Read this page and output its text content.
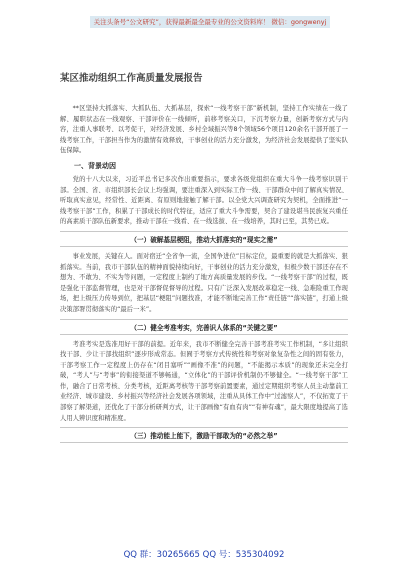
关注头条号“公文研究”，获得最新最全最专业的公文资料库！ 微信：gongwenyj
某区推动组织工作高质量发展报告

**区坚持大抓落实、大抓队伍、大抓基层，探索“一线考察干部”新机制，坚持工作实绩在一线了解、履职状态在一线观察、干部评价在一线倾听，前移考察关口，下沉考察力量，创新考察方式与内容，注重人事联考、以考促干，对经济发展、乡村全域振兴等8个领域56个项目120余名干部开展了一线考察工作，干部担当作为的激情有效释放，干事创业的活力充分激发，为经济社会发展提供了坚实队伍保障。

一、背景动因

党的十八大以来，习近平总书记多次作出重要指示，要求各级党组织在重大斗争一线考察识别干部。全国、省、市组织部长会议上均强调，要注重深入到实际工作一线、干部群众中间了解真实情况、听取真实意见，经常性、近距离、有原则地接触了解干部。以全党大兴调查研究为契机，全面推进“一线考察干部”工作，积累了干部成长的时代特征，适应了重大斗争需要，契合了建设堪当民族复兴重任的高素质干部队伍新要求，推动干部在一线看、在一线选拔、在一线培养，其时已至，其势已成。

（一）破解基层梗阻，推动大抓落实的“现实之需”

事业发展，关键在人。面对宿迁“全省争一流，全国争进位”目标定位，最重要的就是大抓落实、狠抓落实。当前，我市干部队伍的精神面貌持续向好，干事创业的活力充分激发，但极少数干部还存在不想为、不敢为、不实为等问题，一定程度上制约了地方高质量发展的步伐。“一线考察干部”的过程，既是强化干部监督管理，也是对干部督促督导的过程。只有广泛深入发展改革稳定一线、急难险重工作现场，把上级压力传导到位，把基层“梗阻”问题找准，才能不断地完善工作“责任链”“落实链”，打通上级决策部署贯彻落实的“最后一米”。

（二）健全考准考实，完善识人体系的“关键之要”

考准考实是选准用好干部的前提。近年来，我市不断健全完善干部考准考实工作机制，“多让组织找干部、少让干部找组织”逐步形成常态。但囿于考察方式传统性和考察对象复杂性之间的固有张力，干部考察工作一定程度上仍存在“闭目塞听”“画像不准”的问题，“不能揭示本质”的现象还未完全打破，“考人”与“考事”的衔接渠道不够畅通，“立体化”的干部评价机制仍不够健全。“一线考察干部”工作，融合了日常考核、分类考核，近距离考核等干部考察前置要素，通过定期组织考察人员主动靠前工业经济、城市建设、乡村振兴等经济社会发展各项领域，注重从具体工作中“过滤察人”，不仅拓宽了干部察了解渠道，还优化了干部分析研判方式，让干部画像“有血有肉”“有神有魂”，最大限度地提高了选人用人辨识度和精准度。

（三）推动能上能下，激励干部敢为的“必然之举”
QQ 群：30265665 QQ 号：535304092
